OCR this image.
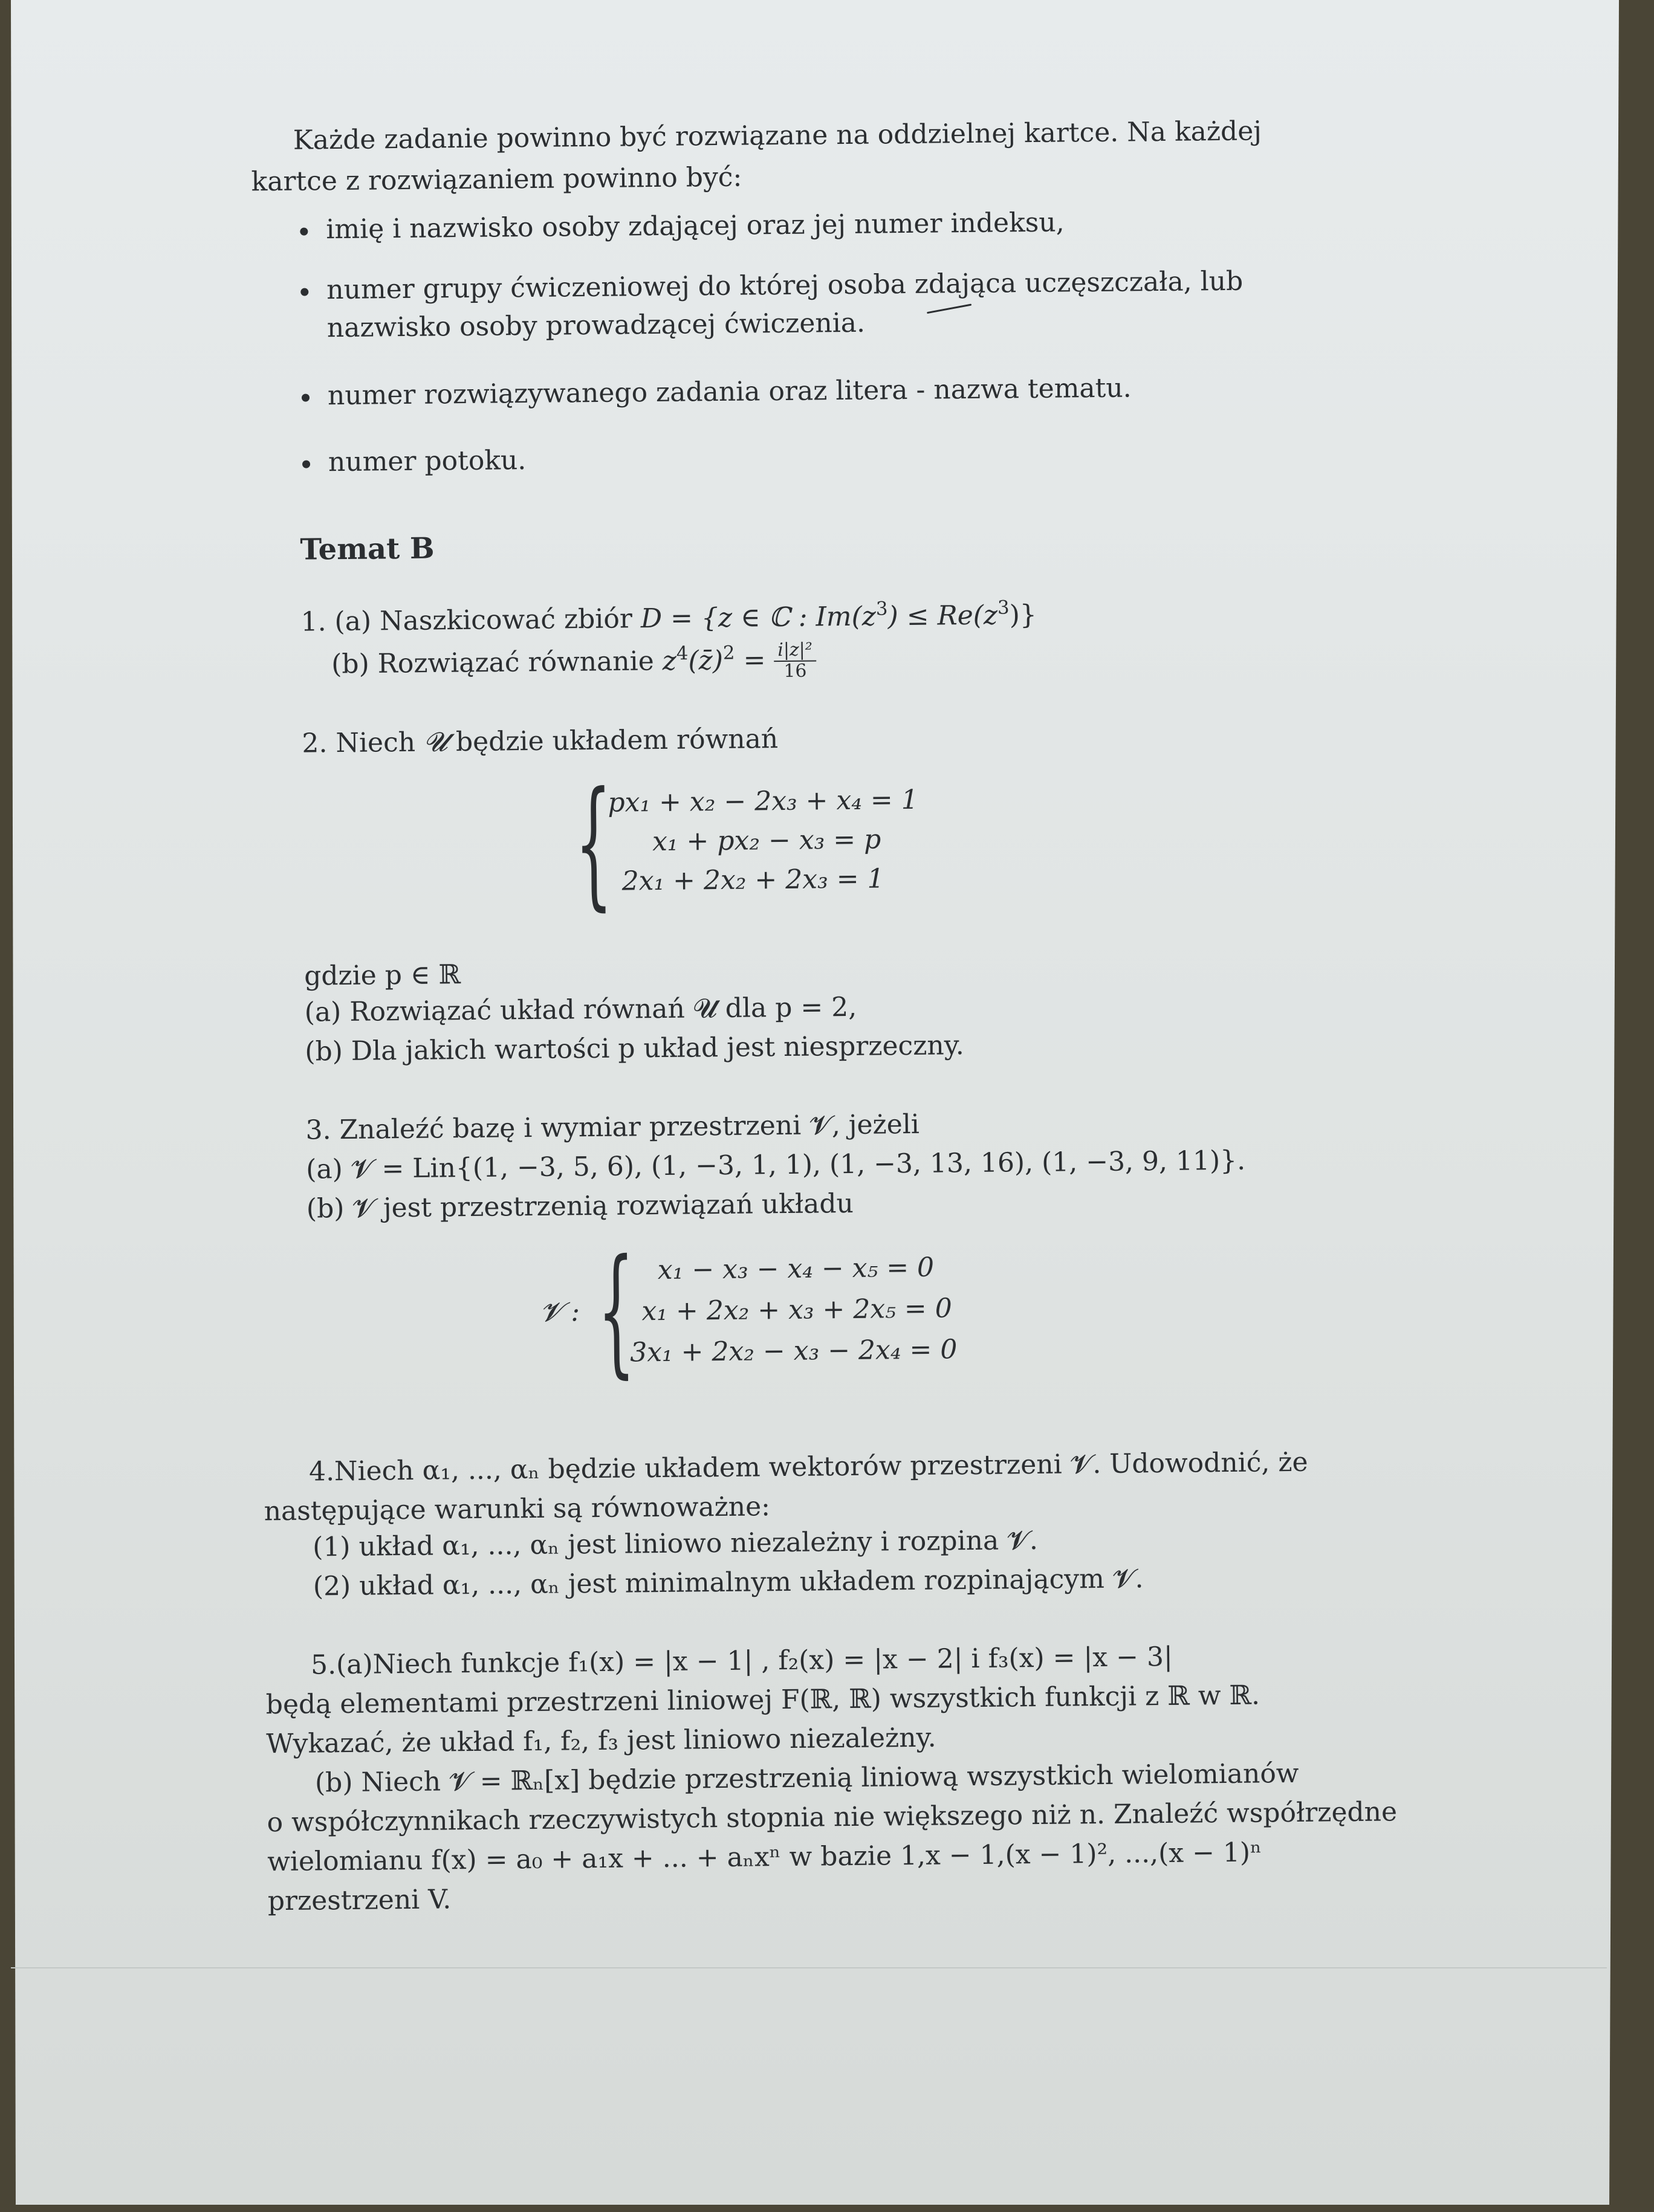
Każde zadanie powinno być rozwiązane na oddzielnej kartce. Na każdej
kartce z rozwiązaniem powinno być:
imię i nazwisko osoby zdającej oraz jej numer indeksu,
numer grupy ćwiczeniowej do której osoba zdająca uczęszczała, lub
nazwisko osoby prowadzącej ćwiczenia.
numer rozwiązywanego zadania oraz litera - nazwa tematu.
numer potoku.
Temat B
1. (a) Naszkicować zbiór D = {z ∈ ℂ : $Im(z^3) \le Re(z^3)$}
(b) Rozwiązać równanie $z^4(z̄)^2 = \frac{\text{i|z|²}}{16}$
2. Niech 𝓤 będzie układem równań
{
px₁ + x₂ − 2x₃ + x₄ = 1
x₁ + px₂ − x₃ = p
2x₁ + 2x₂ + 2x₃ = 1
gdzie p ∈ ℝ
(a) Rozwiązać układ równań 𝓤 dla p = 2,
(b) Dla jakich wartości p układ jest niesprzeczny.
3. Znaleźć bazę i wymiar przestrzeni 𝓥, jeżeli
(a) 𝓥 = Lin{(1, −3, 5, 6), (1, −3, 1, 1), (1, −3, 13, 16), (1, −3, 9, 11)}.
(b) 𝓥 jest przestrzenią rozwiązań układu
𝓥 : { x₁ − x₃ − x₄ − x₅ = 0
x₁ + 2x₂ + x₃ + 2x₅ = 0
3x₁ + 2x₂ − x₃ − 2x₄ = 0
4.Niech α₁, ..., αₙ będzie układem wektorów przestrzeni 𝓥. Udowodnić, że
następujące warunki są równoważne:
(1) układ α₁, ..., αₙ jest liniowo niezależny i rozpina 𝓥.
(2) układ α₁, ..., αₙ jest minimalnym układem rozpinającym 𝓥.
5.(a)Niech funkcje f₁(x) = |x − 1| , f₂(x) = |x − 2| i f₃(x) = |x − 3|
będą elementami przestrzeni liniowej F(ℝ, ℝ) wszystkich funkcji z ℝ w ℝ.
Wykazać, że układ f₁, f₂, f₃ jest liniowo niezależny.
(b) Niech 𝓥 = ℝₙ[x] będzie przestrzenią liniową wszystkich wielomianów
o współczynnikach rzeczywistych stopnia nie większego niż n. Znaleźć współrzędne
wielomianu f(x) = a₀ + a₁x + ... + aₙxⁿ w bazie 1,x − 1,(x − 1)², ...,(x − 1)ⁿ
przestrzeni V.
